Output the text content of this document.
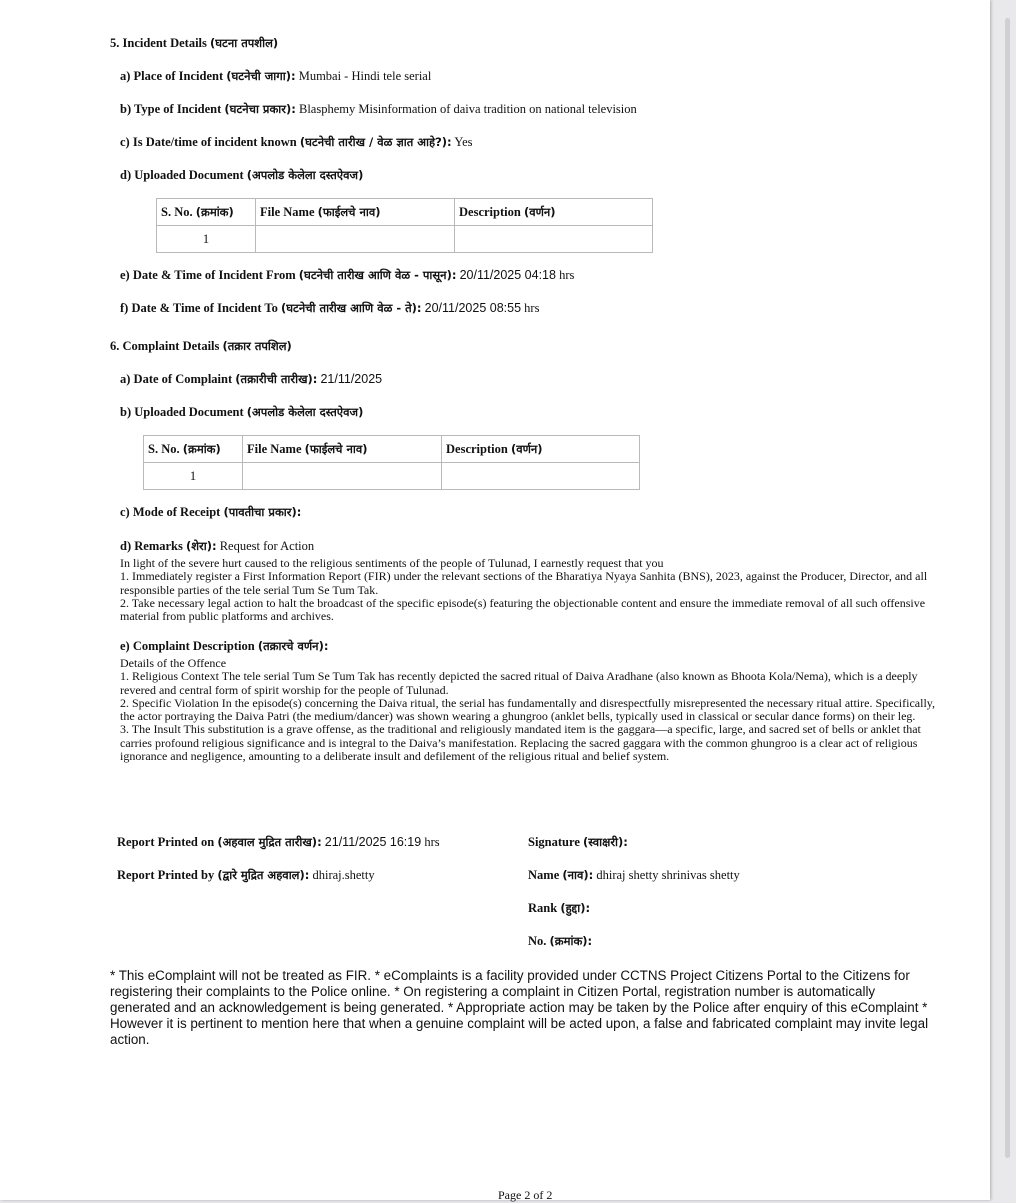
5. Incident Details (घटना तपशील)
a) Place of Incident (घटनेची जागा): Mumbai - Hindi tele serial
b) Type of Incident (घटनेचा प्रकार): Blasphemy Misinformation of daiva tradition on national television
c) Is Date/time of incident known (घटनेची तारीख / वेळ ज्ञात आहे?): Yes
d) Uploaded Document (अपलोड केलेला दस्तऐवज)
S. No. (क्रमांक)	File Name (फाईलचे नाव)	Description (वर्णन)
1		
e) Date & Time of Incident From (घटनेची तारीख आणि वेळ - पासून): 20/11/2025 04:18 hrs
f) Date & Time of Incident To (घटनेची तारीख आणि वेळ - ते): 20/11/2025 08:55 hrs
6. Complaint Details (तक्रार तपशिल)
a) Date of Complaint (तक्रारीची तारीख): 21/11/2025
b) Uploaded Document (अपलोड केलेला दस्तऐवज)
S. No. (क्रमांक)	File Name (फाईलचे नाव)	Description (वर्णन)
1		
c) Mode of Receipt (पावतीचा प्रकार):
d) Remarks (शेरा): Request for Action

In light of the severe hurt caused to the religious sentiments of the people of Tulunad, I earnestly request that you

1. Immediately register a First Information Report (FIR) under the relevant sections of the Bharatiya Nyaya Sanhita (BNS), 2023, against the Producer, Director, and all responsible parties of the tele serial Tum Se Tum Tak.

2. Take necessary legal action to halt the broadcast of the specific episode(s) featuring the objectionable content and ensure the immediate removal of all such offensive material from public platforms and archives.

e) Complaint Description (तक्रारचे वर्णन):

Details of the Offence

1. Religious Context The tele serial Tum Se Tum Tak has recently depicted the sacred ritual of Daiva Aradhane (also known as Bhoota Kola/Nema), which is a deeply revered and central form of spirit worship for the people of Tulunad.

2. Specific Violation In the episode(s) concerning the Daiva ritual, the serial has fundamentally and disrespectfully misrepresented the necessary ritual attire. Specifically, the actor portraying the Daiva Patri (the medium/dancer) was shown wearing a ghungroo (anklet bells, typically used in classical or secular dance forms) on their leg.

3. The Insult This substitution is a grave offense, as the traditional and religiously mandated item is the gaggara—a specific, large, and sacred set of bells or anklet that carries profound religious significance and is integral to the Daiva’s manifestation. Replacing the sacred gaggara with the common ghungroo is a clear act of religious ignorance and negligence, amounting to a deliberate insult and defilement of the religious ritual and belief system.

Report Printed on (अहवाल मुद्रित तारीख): 21/11/2025 16:19 hrs
Report Printed by (द्वारे मुद्रित अहवाल): dhiraj.shetty
Signature (स्वाक्षरी):
Name (नाव): dhiraj shetty shrinivas shetty
Rank (हुद्दा):
No. (क्रमांक):
* This eComplaint will not be treated as FIR. * eComplaints is a facility provided under CCTNS Project Citizens Portal to the Citizens for registering their complaints to the Police online. * On registering a complaint in Citizen Portal, registration number is automatically generated and an acknowledgement is being generated. * Appropriate action may be taken by the Police after enquiry of this eComplaint * However it is pertinent to mention here that when a genuine complaint will be acted upon, a false and fabricated complaint may invite legal action.
Page 2 of 2
